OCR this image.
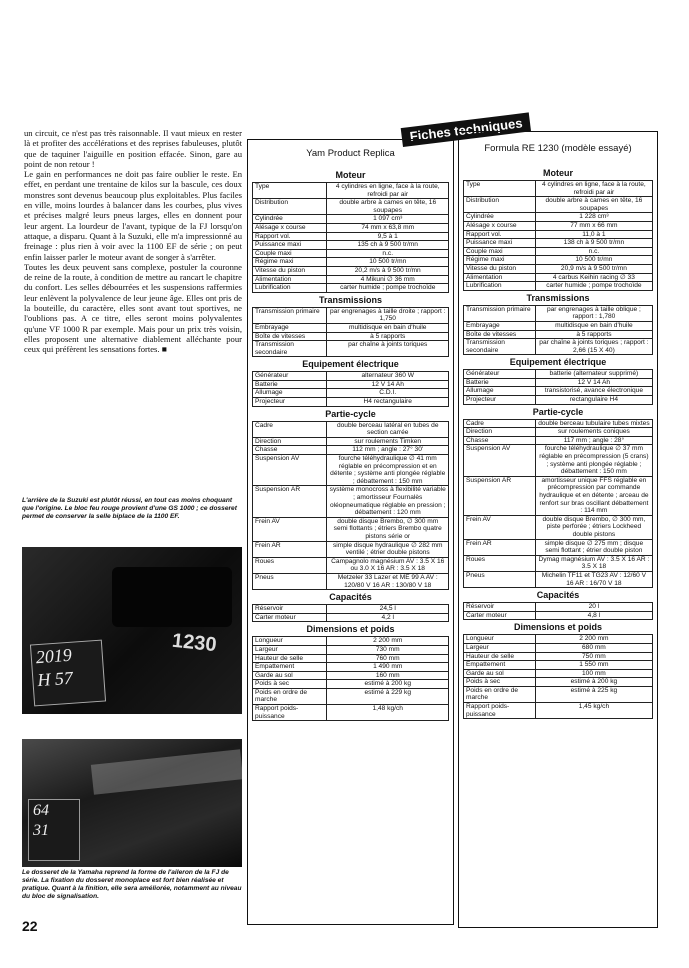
un circuit, ce n'est pas très raisonnable. Il vaut mieux en rester là et profiter des accélérations et des reprises fabuleuses, plutôt que de taquiner l'aiguille en position effacée. Sinon, gare au point de non retour !

Le gain en performances ne doit pas faire oublier le reste. En effet, en perdant une trentaine de kilos sur la bascule, ces doux monstres sont devenus beaucoup plus exploitables. Plus faciles en ville, moins lourdes à balancer dans les courbes, plus vives et précises malgré leurs pneus larges, elles en donnent pour leur argent. La lourdeur de l'avant, typique de la FJ lorsqu'on attaque, a disparu. Quant à la Suzuki, elle m'a impressionné au freinage : plus rien à voir avec la 1100 EF de série ; on peut enfin laisser parler le moteur avant de songer à s'arrêter.

Toutes les deux peuvent sans complexe, postuler la couronne de reine de la route, à condition de mettre au rancart le chapitre du confort. Les selles débourrées et les suspensions raffermies leur enlèvent la polyvalence de leur jeune âge. Elles ont pris de la bouteille, du caractère, elles sont avant tout sportives, ne l'oublions pas. A ce titre, elles seront moins polyvalentes qu'une VF 1000 R par exemple. Mais pour un prix très voisin, elles proposent une alternative diablement alléchante pour ceux qui préfèrent les sensations fortes. ■

L'arrière de la Suzuki est plutôt réussi, en tout cas moins choquant que l'origine. Le bloc feu rouge provient d'une GS 1000 ; ce dosseret permet de conserver la selle biplace de la 1100 EF.
1230
2019
H 57
64
31
Le dosseret de la Yamaha reprend la forme de l'aileron de la FJ de série. La fixation du dosseret monoplace est fort bien réalisée et pratique. Quant à la finition, elle sera améliorée, notamment au niveau du bloc de signalisation.
22
Fiches techniques
Yam Product Replica
Moteur
Type	4 cylindres en ligne, face à la route, refroidi par air
Distribution	double arbre à cames en tête, 16 soupapes
Cylindrée	1 097 cm³
Alésage x course	74 mm x 63,8 mm
Rapport vol.	9,5 à 1
Puissance maxi	135 ch à 9 500 tr/mn
Couple maxi	n.c.
Régime maxi	10 500 tr/mn
Vitesse du piston	20,2 m/s à 9 500 tr/mn
Alimentation	4 Mikuni ∅ 36 mm
Lubrification	carter humide ; pompe trochoïde
Transmissions
Transmission primaire	par engrenages à taille droite ; rapport : 1,750
Embrayage	multidisque en bain d'huile
Boîte de vitesses	à 5 rapports
Transmission secondaire	par chaîne à joints toriques
Equipement électrique
Générateur	alternateur 360 W
Batterie	12 V 14 Ah
Allumage	C.D.I.
Projecteur	H4 rectangulaire
Partie-cycle
Cadre	double berceau latéral en tubes de section carrée
Direction	sur roulements Timken
Chasse	112 mm ; angle : 27° 30'
Suspension AV	fourche téléhydraulique ∅ 41 mm réglable en précompression et en détente ; système anti plongée réglable ; débattement : 150 mm
Suspension AR	système monocross à flexibilité variable ; amortisseur Fournalès oléopneumatique réglable en pression ; débattement : 120 mm
Frein AV	double disque Brembo, ∅ 300 mm semi flottants ; étriers Brembo quatre pistons série or
Frein AR	simple disque hydraulique ∅ 282 mm ventilé ; étrier double pistons
Roues	Campagnolo magnésium AV : 3.5 X 16 ou 3.0 X 16 AR : 3.5 X 18
Pneus	Metzeler 33 Lazer et ME 99 A AV : 120/80 V 16 AR : 130/80 V 18
Capacités
Réservoir	24,5 l
Carter moteur	4,2 l
Dimensions et poids
Longueur	2 200 mm
Largeur	730 mm
Hauteur de selle	760 mm
Empattement	1 490 mm
Garde au sol	160 mm
Poids à sec	estimé à 200 kg
Poids en ordre de marche	estimé à 229 kg
Rapport poids-puissance	1,48 kg/ch
Formula RE 1230 (modèle essayé)
Moteur
Type	4 cylindres en ligne, face à la route, refroidi par air
Distribution	double arbre à cames en tête, 16 soupapes
Cylindrée	1 228 cm³
Alésage x course	77 mm x 66 mm
Rapport vol.	11,0 à 1
Puissance maxi	138 ch à 9 500 tr/mn
Couple maxi	n.c.
Régime maxi	10 500 tr/mn
Vitesse du piston	20,9 m/s à 9 500 tr/mn
Alimentation	4 carbus Keihin racing ∅ 33
Lubrification	carter humide ; pompe trochoïde
Transmissions
Transmission primaire	par engrenages à taille oblique ; rapport : 1,780
Embrayage	multidisque en bain d'huile
Boîte de vitesses	à 5 rapports
Transmission secondaire	par chaîne à joints toriques ; rapport : 2,66 (15 X 40)
Equipement électrique
Générateur	batterie (alternateur supprimé)
Batterie	12 V 14 Ah
Allumage	transistorisé, avance électronique
Projecteur	rectangulaire H4
Partie-cycle
Cadre	double berceau tubulaire tubes mixtes
Direction	sur roulements coniques
Chasse	117 mm ; angle : 28°
Suspension AV	fourche téléhydraulique ∅ 37 mm réglable en précompression (5 crans) ; système anti plongée réglable ; débattement : 150 mm
Suspension AR	amortisseur unique FFS réglable en précompression par commande hydraulique et en détente ; arceau de renfort sur bras oscillant débattement : 114 mm
Frein AV	double disque Brembo, ∅ 300 mm, piste perforée ; étriers Lockheed double pistons
Frein AR	simple disque ∅ 275 mm ; disque semi flottant ; étrier double piston
Roues	Dymag magnésium AV : 3.5 X 16 AR : 3.5 X 18
Pneus	Michelin TF11 et TG23 AV : 12/60 V 16 AR : 16/70 V 18
Capacités
Réservoir	20 l
Carter moteur	4,8 l
Dimensions et poids
Longueur	2 200 mm
Largeur	680 mm
Hauteur de selle	750 mm
Empattement	1 550 mm
Garde au sol	100 mm
Poids à sec	estimé à 200 kg
Poids en ordre de marche	estimé à 225 kg
Rapport poids-puissance	1,45 kg/ch
